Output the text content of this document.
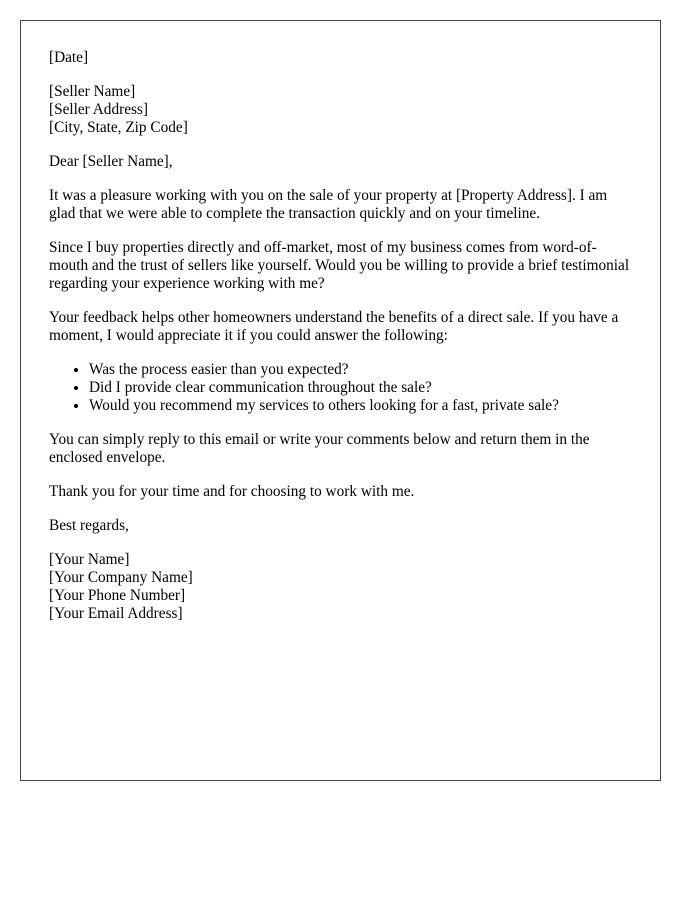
[Date]

[Seller Name]

[Seller Address]

[City, State, Zip Code]

Dear [Seller Name],

It was a pleasure working with you on the sale of your property at [Property Address]. I am glad that we were able to complete the transaction quickly and on your timeline.

Since I buy properties directly and off-market, most of my business comes from word-of-mouth and the trust of sellers like yourself. Would you be willing to provide a brief testimonial regarding your experience working with me?

Your feedback helps other homeowners understand the benefits of a direct sale. If you have a moment, I would appreciate it if you could answer the following:

• Was the process easier than you expected?
• Did I provide clear communication throughout the sale?
• Would you recommend my services to others looking for a fast, private sale?

You can simply reply to this email or write your comments below and return them in the enclosed envelope.

Thank you for your time and for choosing to work with me.

Best regards,

[Your Name]

[Your Company Name]

[Your Phone Number]

[Your Email Address]
